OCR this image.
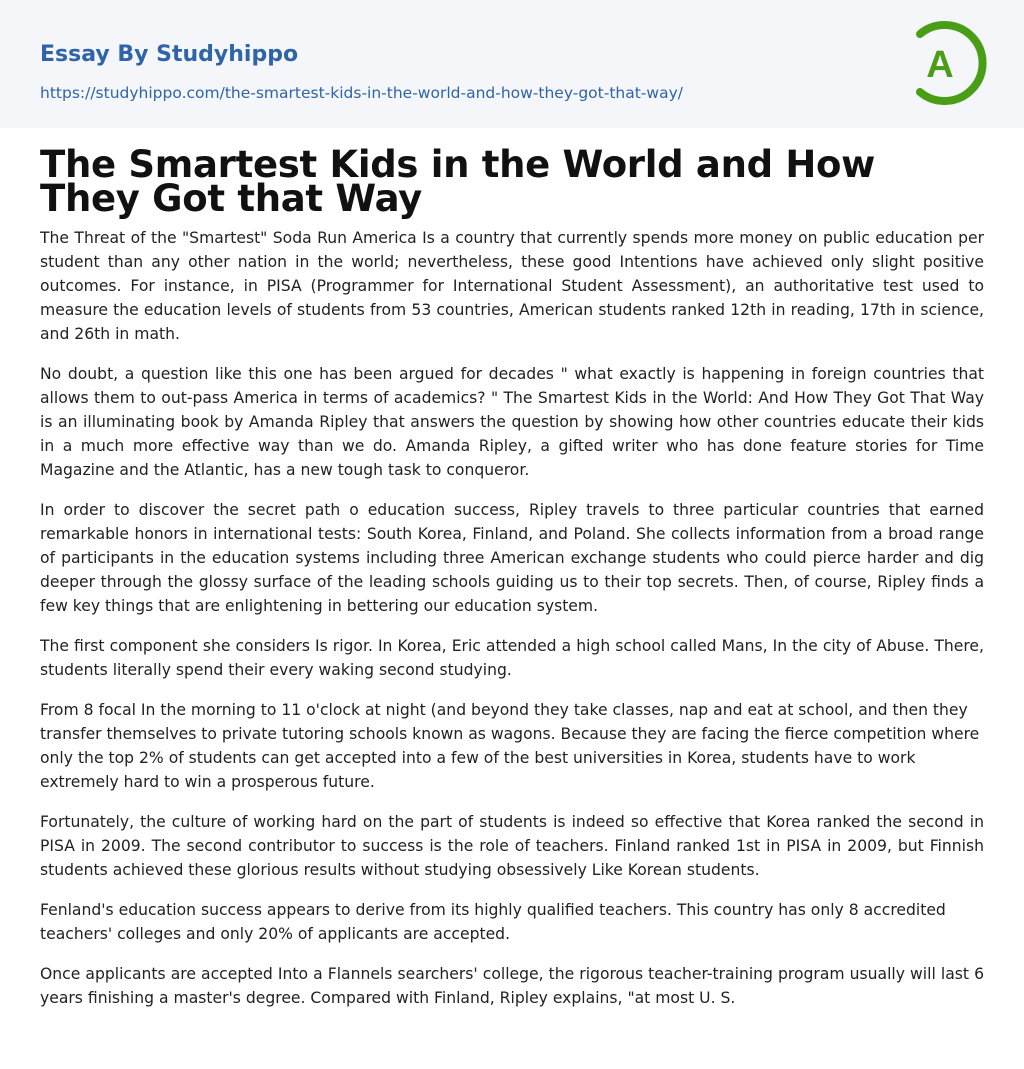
Essay By Studyhippo
https://studyhippo.com/the-smartest-kids-in-the-world-and-how-they-got-that-way/
A
The Smartest Kids in the World and How They Got that Way

The Threat of the "Smartest" Soda Run America Is a country that currently spends more money on public education per student than any other nation in the world; nevertheless, these good Intentions have achieved only slight positive outcomes. For instance, in PISA (Programmer for International Student Assessment), an authoritative test used to measure the education levels of students from 53 countries, American students ranked 12th in reading, 17th in science, and 26th in math.

No doubt, a question like this one has been argued for decades " what exactly is happening in foreign countries that allows them to out-pass America in terms of academics? " The Smartest Kids in the World: And How They Got That Way is an illuminating book by Amanda Ripley that answers the question by showing how other countries educate their kids in a much more effective way than we do. Amanda Ripley, a gifted writer who has done feature stories for Time Magazine and the Atlantic, has a new tough task to conqueror.

In order to discover the secret path o education success, Ripley travels to three particular countries that earned remarkable honors in international tests: South Korea, Finland, and Poland. She collects information from a broad range of participants in the education systems including three American exchange students who could pierce harder and dig deeper through the glossy surface of the leading schools guiding us to their top secrets. Then, of course, Ripley finds a few key things that are enlightening in bettering our education system.

The first component she considers Is rigor. In Korea, Eric attended a high school called Mans, In the city of Abuse. There, students literally spend their every waking second studying.

From 8 focal In the morning to 11 o'clock at night (and beyond they take classes, nap and eat at school, and then they transfer themselves to private tutoring schools known as wagons. Because they are facing the fierce competition where only the top 2% of students can get accepted into a few of the best universities in Korea, students have to work extremely hard to win a prosperous future.

Fortunately, the culture of working hard on the part of students is indeed so effective that Korea ranked the second in PISA in 2009. The second contributor to success is the role of teachers. Finland ranked 1st in PISA in 2009, but Finnish students achieved these glorious results without studying obsessively Like Korean students.

Fenland's education success appears to derive from its highly qualified teachers. This country has only 8 accredited teachers' colleges and only 20% of applicants are accepted.

Once applicants are accepted Into a Flannels searchers' college, the rigorous teacher-training program usually will last 6 years finishing a master's degree. Compared with Finland, Ripley explains, "at most U. S.
